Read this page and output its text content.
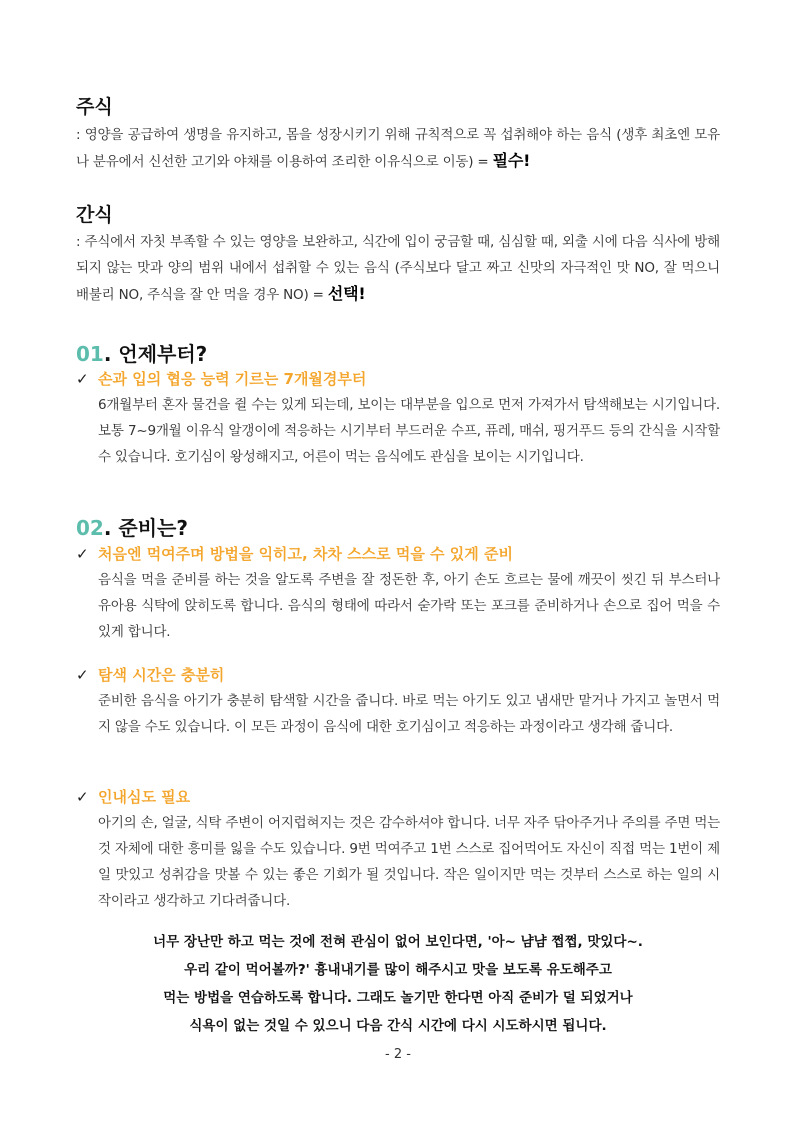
주식
: 영양을 공급하여 생명을 유지하고, 몸을 성장시키기 위해 규칙적으로 꼭 섭취해야 하는 음식 (생후 최초엔 모유나 분유에서 신선한 고기와 야채를 이용하여 조리한 이유식으로 이동) = 필수!
간식
: 주식에서 자칫 부족할 수 있는 영양을 보완하고, 식간에 입이 궁금할 때, 심심할 때, 외출 시에 다음 식사에 방해되지 않는 맛과 양의 범위 내에서 섭취할 수 있는 음식 (주식보다 달고 짜고 신맛의 자극적인 맛 NO, 잘 먹으니 배불리 NO, 주식을 잘 안 먹을 경우 NO) = 선택!
01. 언제부터?
✓ 손과 입의 협응 능력 기르는 7개월경부터
6개월부터 혼자 물건을 쥘 수는 있게 되는데, 보이는 대부분을 입으로 먼저 가져가서 탐색해보는 시기입니다. 보통 7~9개월 이유식 알갱이에 적응하는 시기부터 부드러운 수프, 퓨레, 매쉬, 핑거푸드 등의 간식을 시작할 수 있습니다. 호기심이 왕성해지고, 어른이 먹는 음식에도 관심을 보이는 시기입니다.
02. 준비는?
✓ 처음엔 먹여주며 방법을 익히고, 차차 스스로 먹을 수 있게 준비
음식을 먹을 준비를 하는 것을 알도록 주변을 잘 정돈한 후, 아기 손도 흐르는 물에 깨끗이 씻긴 뒤 부스터나 유아용 식탁에 앉히도록 합니다. 음식의 형태에 따라서 숟가락 또는 포크를 준비하거나 손으로 집어 먹을 수 있게 합니다.
✓ 탐색 시간은 충분히
준비한 음식을 아기가 충분히 탐색할 시간을 줍니다. 바로 먹는 아기도 있고 냄새만 맡거나 가지고 놀면서 먹지 않을 수도 있습니다. 이 모든 과정이 음식에 대한 호기심이고 적응하는 과정이라고 생각해 줍니다.
✓ 인내심도 필요
아기의 손, 얼굴, 식탁 주변이 어지럽혀지는 것은 감수하셔야 합니다. 너무 자주 닦아주거나 주의를 주면 먹는 것 자체에 대한 흥미를 잃을 수도 있습니다. 9번 먹여주고 1번 스스로 집어먹어도 자신이 직접 먹는 1번이 제일 맛있고 성취감을 맛볼 수 있는 좋은 기회가 될 것입니다. 작은 일이지만 먹는 것부터 스스로 하는 일의 시작이라고 생각하고 기다려줍니다.
너무 장난만 하고 먹는 것에 전혀 관심이 없어 보인다면, '아~ 냠냠 쩝쩝, 맛있다~.
우리 같이 먹어볼까?' 흉내내기를 많이 해주시고 맛을 보도록 유도해주고
먹는 방법을 연습하도록 합니다. 그래도 놀기만 한다면 아직 준비가 덜 되었거나
식욕이 없는 것일 수 있으니 다음 간식 시간에 다시 시도하시면 됩니다.
- 2 -
